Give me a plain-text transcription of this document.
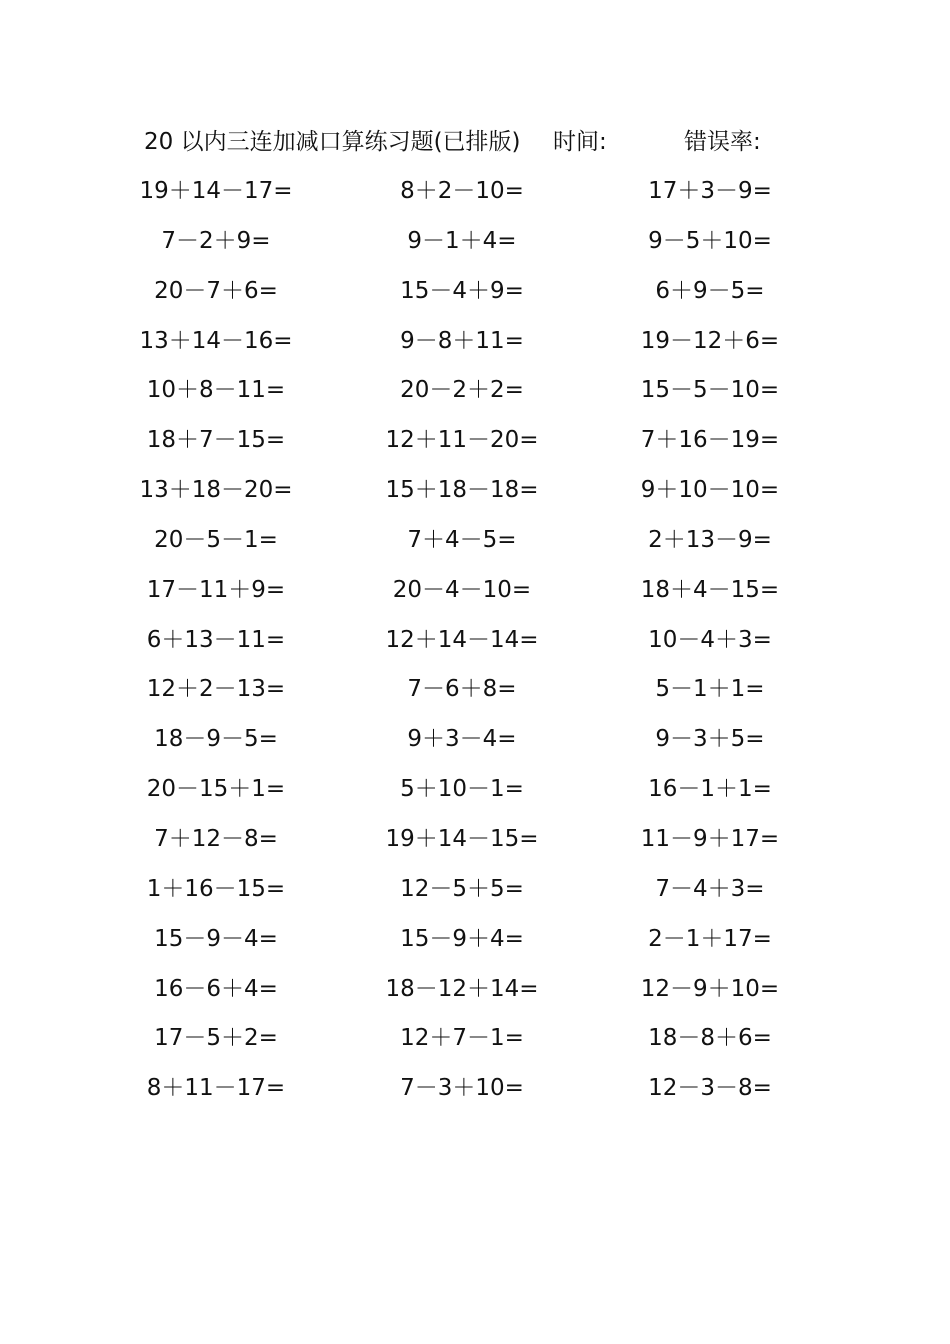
20 以内三连加减口算练习题(已排版) 时间:	错误率:
19＋14－17=	8＋2－10=	17＋3－9=
7－2＋9=	9－1＋4=	9－5＋10=
20－7＋6=	15－4＋9=	6＋9－5=
13＋14－16=	9－8＋11=	19－12＋6=
10＋8－11=	20－2＋2=	15－5－10=
18＋7－15=	12＋11－20=	7＋16－19=
13＋18－20=	15＋18－18=	9＋10－10=
20－5－1=	7＋4－5=	2＋13－9=
17－11＋9=	20－4－10=	18＋4－15=
6＋13－11=	12＋14－14=	10－4＋3=
12＋2－13=	7－6＋8=	5－1＋1=
18－9－5=	9＋3－4=	9－3＋5=
20－15＋1=	5＋10－1=	16－1＋1=
7＋12－8=	19＋14－15=	11－9＋17=
1＋16－15=	12－5＋5=	7－4＋3=
15－9－4=	15－9＋4=	2－1＋17=
16－6＋4=	18－12＋14=	12－9＋10=
17－5＋2=	12＋7－1=	18－8＋6=
8＋11－17=	7－3＋10=	12－3－8=
